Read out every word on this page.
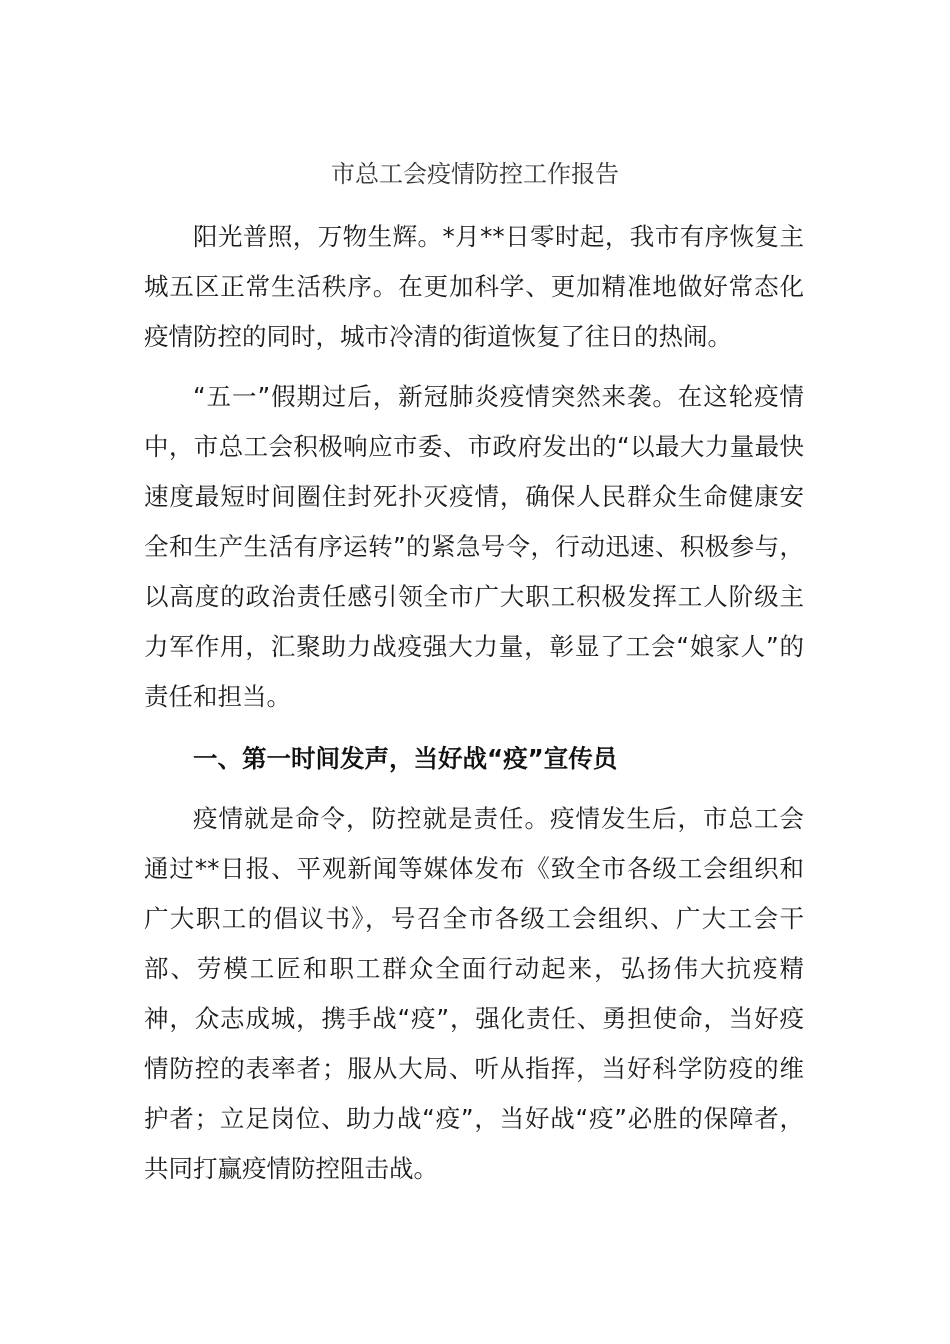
市总工会疫情防控工作报告

阳光普照，万物生辉。*月**日零时起，我市有序恢复主城五区正常生活秩序。在更加科学、更加精准地做好常态化疫情防控的同时，城市冷清的街道恢复了往日的热闹。

“五一”假期过后，新冠肺炎疫情突然来袭。在这轮疫情中，市总工会积极响应市委、市政府发出的“以最大力量最快速度最短时间圈住封死扑灭疫情，确保人民群众生命健康安全和生产生活有序运转”的紧急号令，行动迅速、积极参与，以高度的政治责任感引领全市广大职工积极发挥工人阶级主力军作用，汇聚助力战疫强大力量，彰显了工会“娘家人”的责任和担当。

一、第一时间发声，当好战“疫”宣传员

疫情就是命令，防控就是责任。疫情发生后，市总工会通过**日报、平观新闻等媒体发布《致全市各级工会组织和广大职工的倡议书》，号召全市各级工会组织、广大工会干部、劳模工匠和职工群众全面行动起来，弘扬伟大抗疫精神，众志成城，携手战“疫”，强化责任、勇担使命，当好疫情防控的表率者；服从大局、听从指挥，当好科学防疫的维护者；立足岗位、助力战“疫”，当好战“疫”必胜的保障者，共同打赢疫情防控阻击战。
